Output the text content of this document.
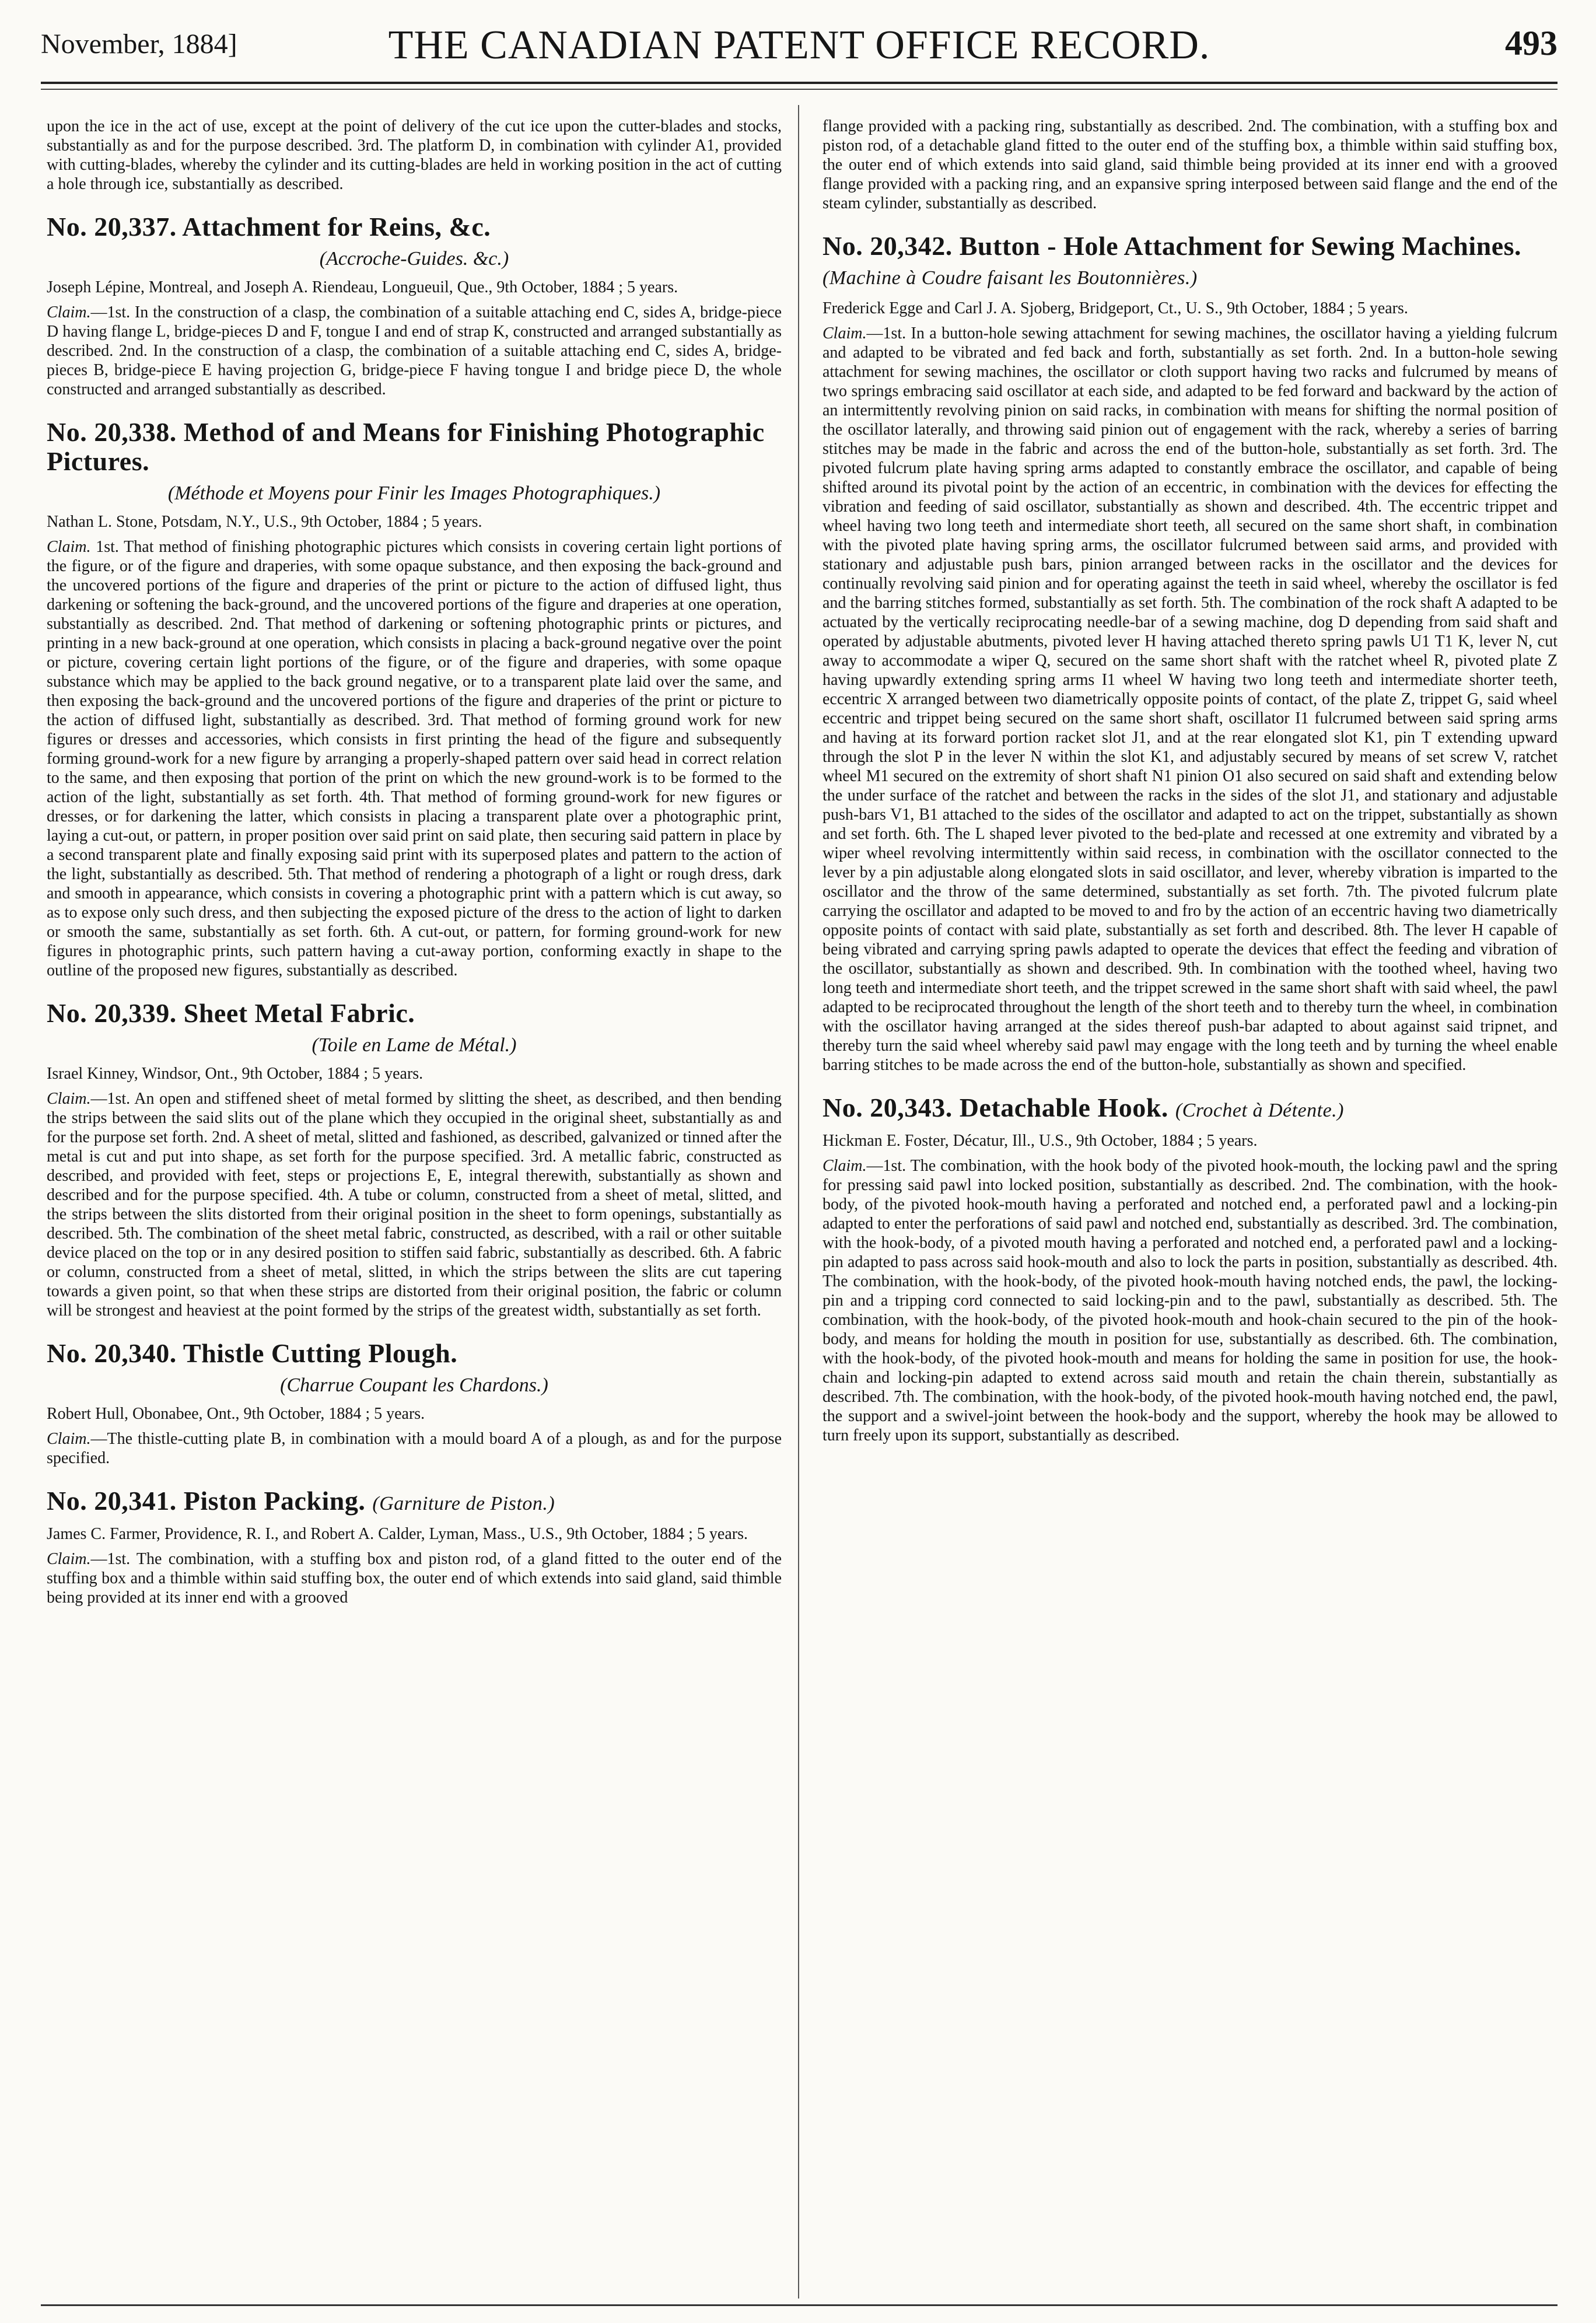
November, 1884]	THE CANADIAN PATENT OFFICE RECORD.	493

upon the ice in the act of use, except at the point of delivery of the cut ice upon the cutter-blades and stocks, substantially as and for the purpose described. 3rd. The platform D, in combination with cylinder A1, provided with cutting-blades, whereby the cylinder and its cutting-blades are held in working position in the act of cutting a hole through ice, substantially as described.

No. 20,337. Attachment for Reins, &c.
(Accroche-Guides. &c.)
Joseph Lépine, Montreal, and Joseph A. Riendeau, Longueuil, Que., 9th October, 1884 ; 5 years.

Claim.—1st. In the construction of a clasp, the combination of a suitable attaching end C, sides A, bridge-piece D having flange L, bridge-pieces D and F, tongue I and end of strap K, constructed and arranged substantially as described. 2nd. In the construction of a clasp, the combination of a suitable attaching end C, sides A, bridge-pieces B, bridge-piece E having projection G, bridge-piece F having tongue I and bridge piece D, the whole constructed and arranged substantially as described.

No. 20,338. Method of and Means for Finishing Photographic Pictures.
(Méthode et Moyens pour Finir les Images Photographiques.)
Nathan L. Stone, Potsdam, N.Y., U.S., 9th October, 1884 ; 5 years.

Claim. 1st. That method of finishing photographic pictures which consists in covering certain light portions of the figure, or of the figure and draperies, with some opaque substance, and then exposing the back-ground and the uncovered portions of the figure and draperies of the print or picture to the action of diffused light, thus darkening or softening the back-ground, and the uncovered portions of the figure and draperies at one operation, substantially as described. 2nd. That method of darkening or softening photographic prints or pictures, and printing in a new back-ground at one operation, which consists in placing a back-ground negative over the point or picture, covering certain light portions of the figure, or of the figure and draperies, with some opaque substance which may be applied to the back ground negative, or to a transparent plate laid over the same, and then exposing the back-ground and the uncovered portions of the figure and draperies of the print or picture to the action of diffused light, substantially as described. 3rd. That method of forming ground work for new figures or dresses and accessories, which consists in first printing the head of the figure and subsequently forming ground-work for a new figure by arranging a properly-shaped pattern over said head in correct relation to the same, and then exposing that portion of the print on which the new ground-work is to be formed to the action of the light, substantially as set forth. 4th. That method of forming ground-work for new figures or dresses, or for darkening the latter, which consists in placing a transparent plate over a photographic print, laying a cut-out, or pattern, in proper position over said print on said plate, then securing said pattern in place by a second transparent plate and finally exposing said print with its superposed plates and pattern to the action of the light, substantially as described. 5th. That method of rendering a photograph of a light or rough dress, dark and smooth in appearance, which consists in covering a photographic print with a pattern which is cut away, so as to expose only such dress, and then subjecting the exposed picture of the dress to the action of light to darken or smooth the same, substantially as set forth. 6th. A cut-out, or pattern, for forming ground-work for new figures in photographic prints, such pattern having a cut-away portion, conforming exactly in shape to the outline of the proposed new figures, substantially as described.

No. 20,339. Sheet Metal Fabric.
(Toile en Lame de Métal.)
Israel Kinney, Windsor, Ont., 9th October, 1884 ; 5 years.

Claim.—1st. An open and stiffened sheet of metal formed by slitting the sheet, as described, and then bending the strips between the said slits out of the plane which they occupied in the original sheet, substantially as and for the purpose set forth. 2nd. A sheet of metal, slitted and fashioned, as described, galvanized or tinned after the metal is cut and put into shape, as set forth for the purpose specified. 3rd. A metallic fabric, constructed as described, and provided with feet, steps or projections E, E, integral therewith, substantially as shown and described and for the purpose specified. 4th. A tube or column, constructed from a sheet of metal, slitted, and the strips between the slits distorted from their original position in the sheet to form openings, substantially as described. 5th. The combination of the sheet metal fabric, constructed, as described, with a rail or other suitable device placed on the top or in any desired position to stiffen said fabric, substantially as described. 6th. A fabric or column, constructed from a sheet of metal, slitted, in which the strips between the slits are cut tapering towards a given point, so that when these strips are distorted from their original position, the fabric or column will be strongest and heaviest at the point formed by the strips of the greatest width, substantially as set forth.

No. 20,340. Thistle Cutting Plough.
(Charrue Coupant les Chardons.)
Robert Hull, Obonabee, Ont., 9th October, 1884 ; 5 years.

Claim.—The thistle-cutting plate B, in combination with a mould board A of a plough, as and for the purpose specified.

No. 20,341. Piston Packing. (Garniture de Piston.)
James C. Farmer, Providence, R. I., and Robert A. Calder, Lyman, Mass., U.S., 9th October, 1884 ; 5 years.

Claim.—1st. The combination, with a stuffing box and piston rod, of a gland fitted to the outer end of the stuffing box and a thimble within said stuffing box, the outer end of which extends into said gland, said thimble being provided at its inner end with a grooved

flange provided with a packing ring, substantially as described. 2nd. The combination, with a stuffing box and piston rod, of a detachable gland fitted to the outer end of the stuffing box, a thimble within said stuffing box, the outer end of which extends into said gland, said thimble being provided at its inner end with a grooved flange provided with a packing ring, and an expansive spring interposed between said flange and the end of the steam cylinder, substantially as described.

No. 20,342. Button - Hole Attachment for Sewing Machines. (Machine à Coudre faisant les Boutonnières.)
Frederick Egge and Carl J. A. Sjoberg, Bridgeport, Ct., U. S., 9th October, 1884 ; 5 years.

Claim.—1st. In a button-hole sewing attachment for sewing machines, the oscillator having a yielding fulcrum and adapted to be vibrated and fed back and forth, substantially as set forth. 2nd. In a button-hole sewing attachment for sewing machines, the oscillator or cloth support having two racks and fulcrumed by means of two springs embracing said oscillator at each side, and adapted to be fed forward and backward by the action of an intermittently revolving pinion on said racks, in combination with means for shifting the normal position of the oscillator laterally, and throwing said pinion out of engagement with the rack, whereby a series of barring stitches may be made in the fabric and across the end of the button-hole, substantially as set forth. 3rd. The pivoted fulcrum plate having spring arms adapted to constantly embrace the oscillator, and capable of being shifted around its pivotal point by the action of an eccentric, in combination with the devices for effecting the vibration and feeding of said oscillator, substantially as shown and described. 4th. The eccentric trippet and wheel having two long teeth and intermediate short teeth, all secured on the same short shaft, in combination with the pivoted plate having spring arms, the oscillator fulcrumed between said arms, and provided with stationary and adjustable push bars, pinion arranged between racks in the oscillator and the devices for continually revolving said pinion and for operating against the teeth in said wheel, whereby the oscillator is fed and the barring stitches formed, substantially as set forth. 5th. The combination of the rock shaft A adapted to be actuated by the vertically reciprocating needle-bar of a sewing machine, dog D depending from said shaft and operated by adjustable abutments, pivoted lever H having attached thereto spring pawls U1 T1 K, lever N, cut away to accommodate a wiper Q, secured on the same short shaft with the ratchet wheel R, pivoted plate Z having upwardly extending spring arms I1 wheel W having two long teeth and intermediate shorter teeth, eccentric X arranged between two diametrically opposite points of contact, of the plate Z, trippet G, said wheel eccentric and trippet being secured on the same short shaft, oscillator I1 fulcrumed between said spring arms and having at its forward portion racket slot J1, and at the rear elongated slot K1, pin T extending upward through the slot P in the lever N within the slot K1, and adjustably secured by means of set screw V, ratchet wheel M1 secured on the extremity of short shaft N1 pinion O1 also secured on said shaft and extending below the under surface of the ratchet and between the racks in the sides of the slot J1, and stationary and adjustable push-bars V1, B1 attached to the sides of the oscillator and adapted to act on the trippet, substantially as shown and set forth. 6th. The L shaped lever pivoted to the bed-plate and recessed at one extremity and vibrated by a wiper wheel revolving intermittently within said recess, in combination with the oscillator connected to the lever by a pin adjustable along elongated slots in said oscillator, and lever, whereby vibration is imparted to the oscillator and the throw of the same determined, substantially as set forth. 7th. The pivoted fulcrum plate carrying the oscillator and adapted to be moved to and fro by the action of an eccentric having two diametrically opposite points of contact with said plate, substantially as set forth and described. 8th. The lever H capable of being vibrated and carrying spring pawls adapted to operate the devices that effect the feeding and vibration of the oscillator, substantially as shown and described. 9th. In combination with the toothed wheel, having two long teeth and intermediate short teeth, and the trippet screwed in the same short shaft with said wheel, the pawl adapted to be reciprocated throughout the length of the short teeth and to thereby turn the wheel, in combination with the oscillator having arranged at the sides thereof push-bar adapted to about against said tripnet, and thereby turn the said wheel whereby said pawl may engage with the long teeth and by turning the wheel enable barring stitches to be made across the end of the button-hole, substantially as shown and specified.

No. 20,343. Detachable Hook. (Crochet à Détente.)
Hickman E. Foster, Décatur, Ill., U.S., 9th October, 1884 ; 5 years.

Claim.—1st. The combination, with the hook body of the pivoted hook-mouth, the locking pawl and the spring for pressing said pawl into locked position, substantially as described. 2nd. The combination, with the hook-body, of the pivoted hook-mouth having a perforated and notched end, a perforated pawl and a locking-pin adapted to enter the perforations of said pawl and notched end, substantially as described. 3rd. The combination, with the hook-body, of a pivoted mouth having a perforated and notched end, a perforated pawl and a locking-pin adapted to pass across said hook-mouth and also to lock the parts in position, substantially as described. 4th. The combination, with the hook-body, of the pivoted hook-mouth having notched ends, the pawl, the locking-pin and a tripping cord connected to said locking-pin and to the pawl, substantially as described. 5th. The combination, with the hook-body, of the pivoted hook-mouth and hook-chain secured to the pin of the hook-body, and means for holding the mouth in position for use, substantially as described. 6th. The combination, with the hook-body, of the pivoted hook-mouth and means for holding the same in position for use, the hook-chain and locking-pin adapted to extend across said mouth and retain the chain therein, substantially as described. 7th. The combination, with the hook-body, of the pivoted hook-mouth having notched end, the pawl, the support and a swivel-joint between the hook-body and the support, whereby the hook may be allowed to turn freely upon its support, substantially as described.
